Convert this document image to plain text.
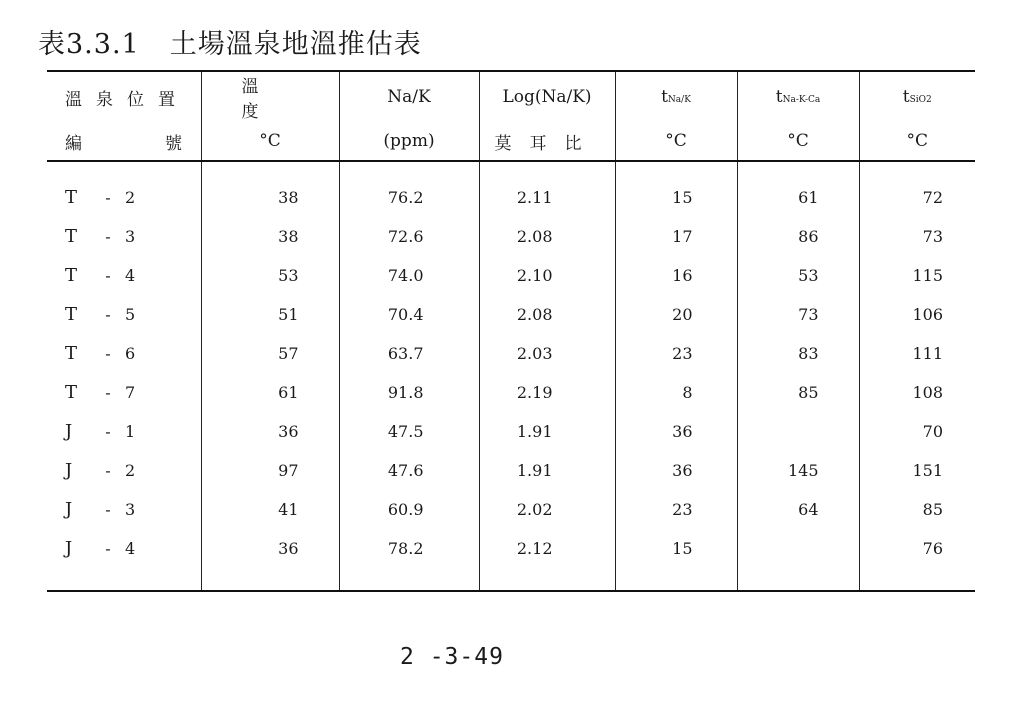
表3.3.1 土場溫泉地溫推估表
溫泉位置	溫　度	Na/K	Log(Na/K)	tNa/K	tNa-K-Ca	tSiO2
編 號	°C	(ppm)	莫耳比	°C	°C	°C
T - 2	38	76.2	2.11	15	61	72
T - 3	38	72.6	2.08	17	86	73
T - 4	53	74.0	2.10	16	53	115
T - 5	51	70.4	2.08	20	73	106
T - 6	57	63.7	2.03	23	83	111
T - 7	61	91.8	2.19	8	85	108
J - 1	36	47.5	1.91	36		70
J - 2	97	47.6	1.91	36	145	151
J - 3	41	60.9	2.02	23	64	85
J - 4	36	78.2	2.12	15		76
2 -3-49
